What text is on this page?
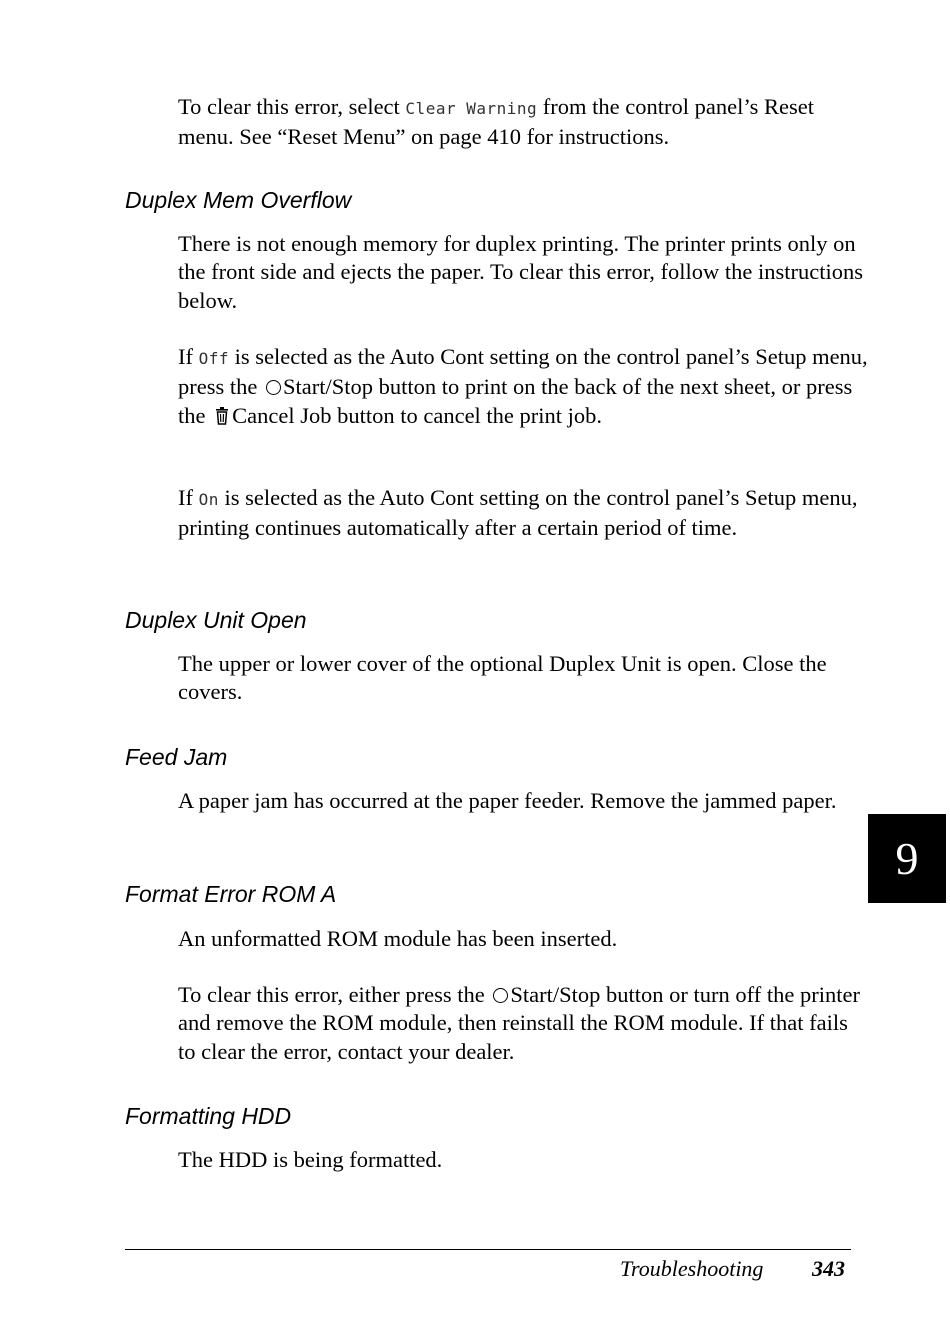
To clear this error, select Clear Warning from the control panel’s Reset menu. See “Reset Menu” on page 410 for instructions.

Duplex Mem Overflow

There is not enough memory for duplex printing. The printer prints only on the front side and ejects the paper. To clear this error, follow the instructions below.

If Off is selected as the Auto Cont setting on the control panel’s Setup menu, press the Start/Stop button to print on the back of the next sheet, or press the Cancel Job button to cancel the print job.

If On is selected as the Auto Cont setting on the control panel’s Setup menu, printing continues automatically after a certain period of time.

Duplex Unit Open

The upper or lower cover of the optional Duplex Unit is open. Close the covers.

Feed Jam

A paper jam has occurred at the paper feeder. Remove the jammed paper.

Format Error ROM A

An unformatted ROM module has been inserted.

To clear this error, either press the Start/Stop button or turn off the printer and remove the ROM module, then reinstall the ROM module. If that fails to clear the error, contact your dealer.

Formatting HDD

The HDD is being formatted.

9
Troubleshooting 343
